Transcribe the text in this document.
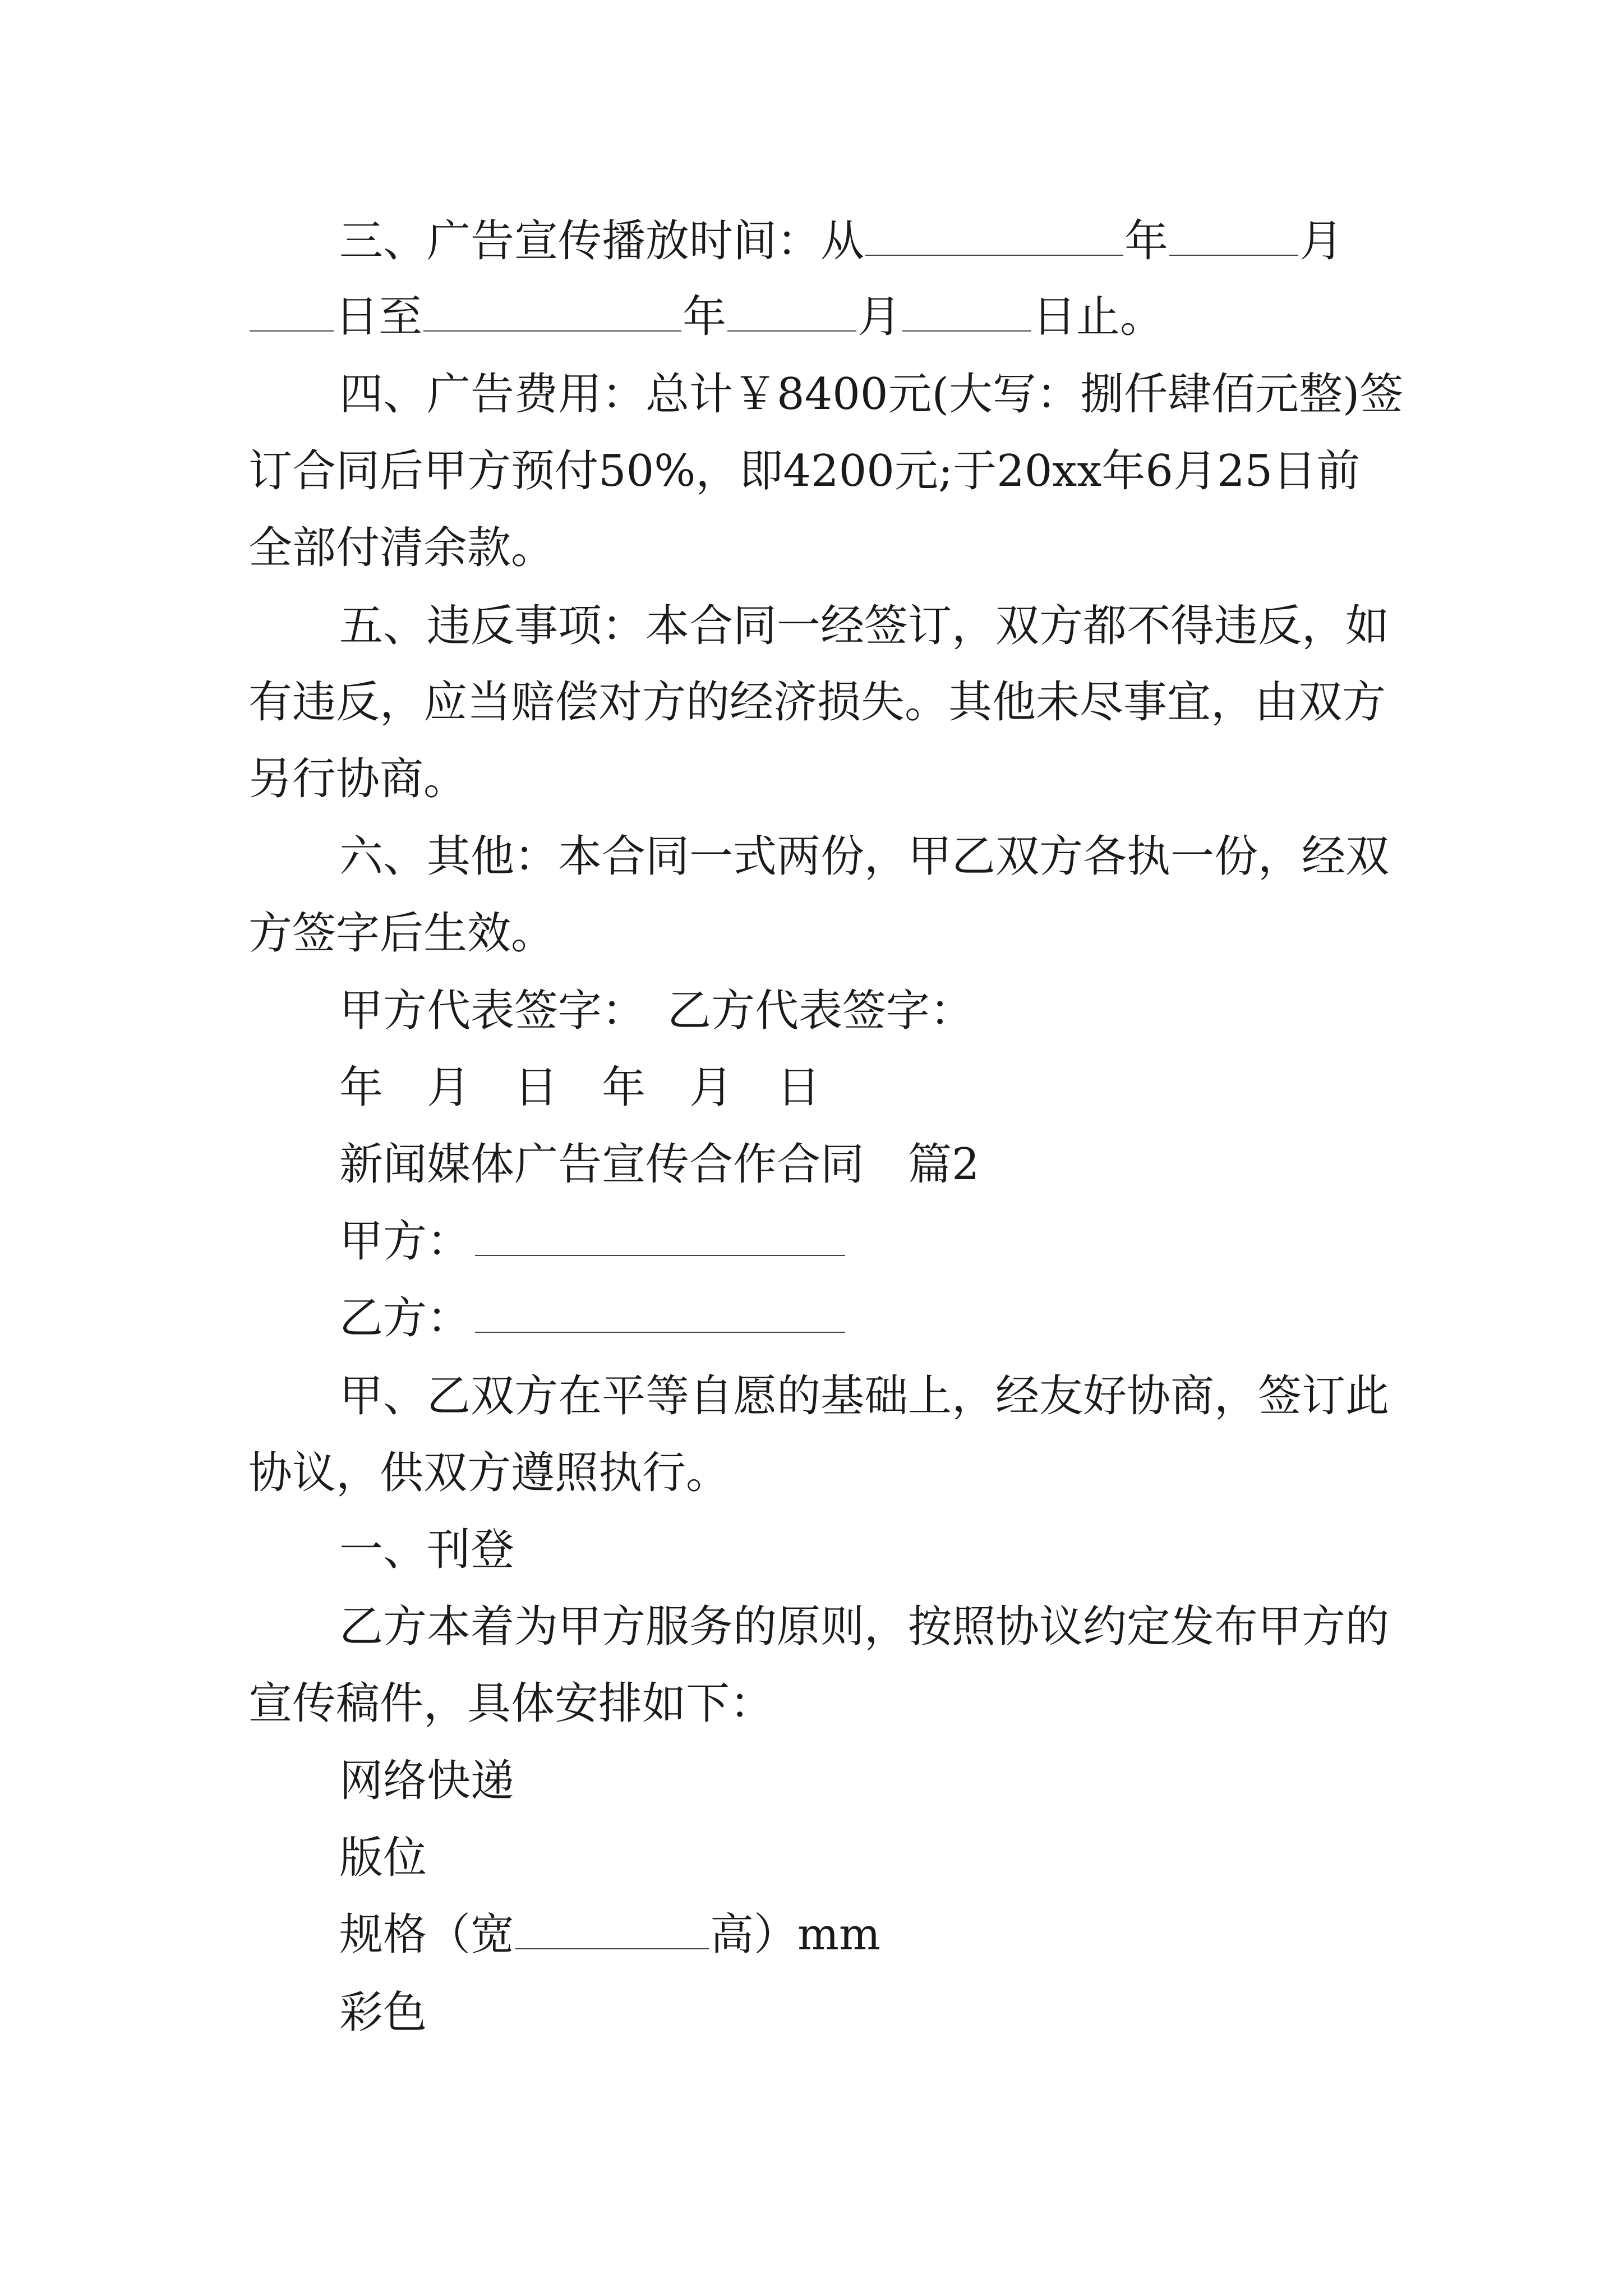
三、广告宣传播放时间：从	年	月
日至	年	月	日止。
四、广告费用：总计￥8400元(大写：捌仟肆佰元整)签
订合同后甲方预付50%，即4200元;于20xx年6月25日前
全部付清余款。
五、违反事项：本合同一经签订，双方都不得违反，如
有违反，应当赔偿对方的经济损失。其他未尽事宜，由双方
另行协商。
六、其他：本合同一式两份，甲乙双方各执一份，经双
方签字后生效。
甲方代表签字：　乙方代表签字：
年　月　日　年　月　日
新闻媒体广告宣传合作合同　篇2
甲方：
乙方：
甲、乙双方在平等自愿的基础上，经友好协商，签订此
协议，供双方遵照执行。
一、刊登
乙方本着为甲方服务的原则，按照协议约定发布甲方的
宣传稿件，具体安排如下：
网络快递
版位
规格（宽	高）mm
彩色
